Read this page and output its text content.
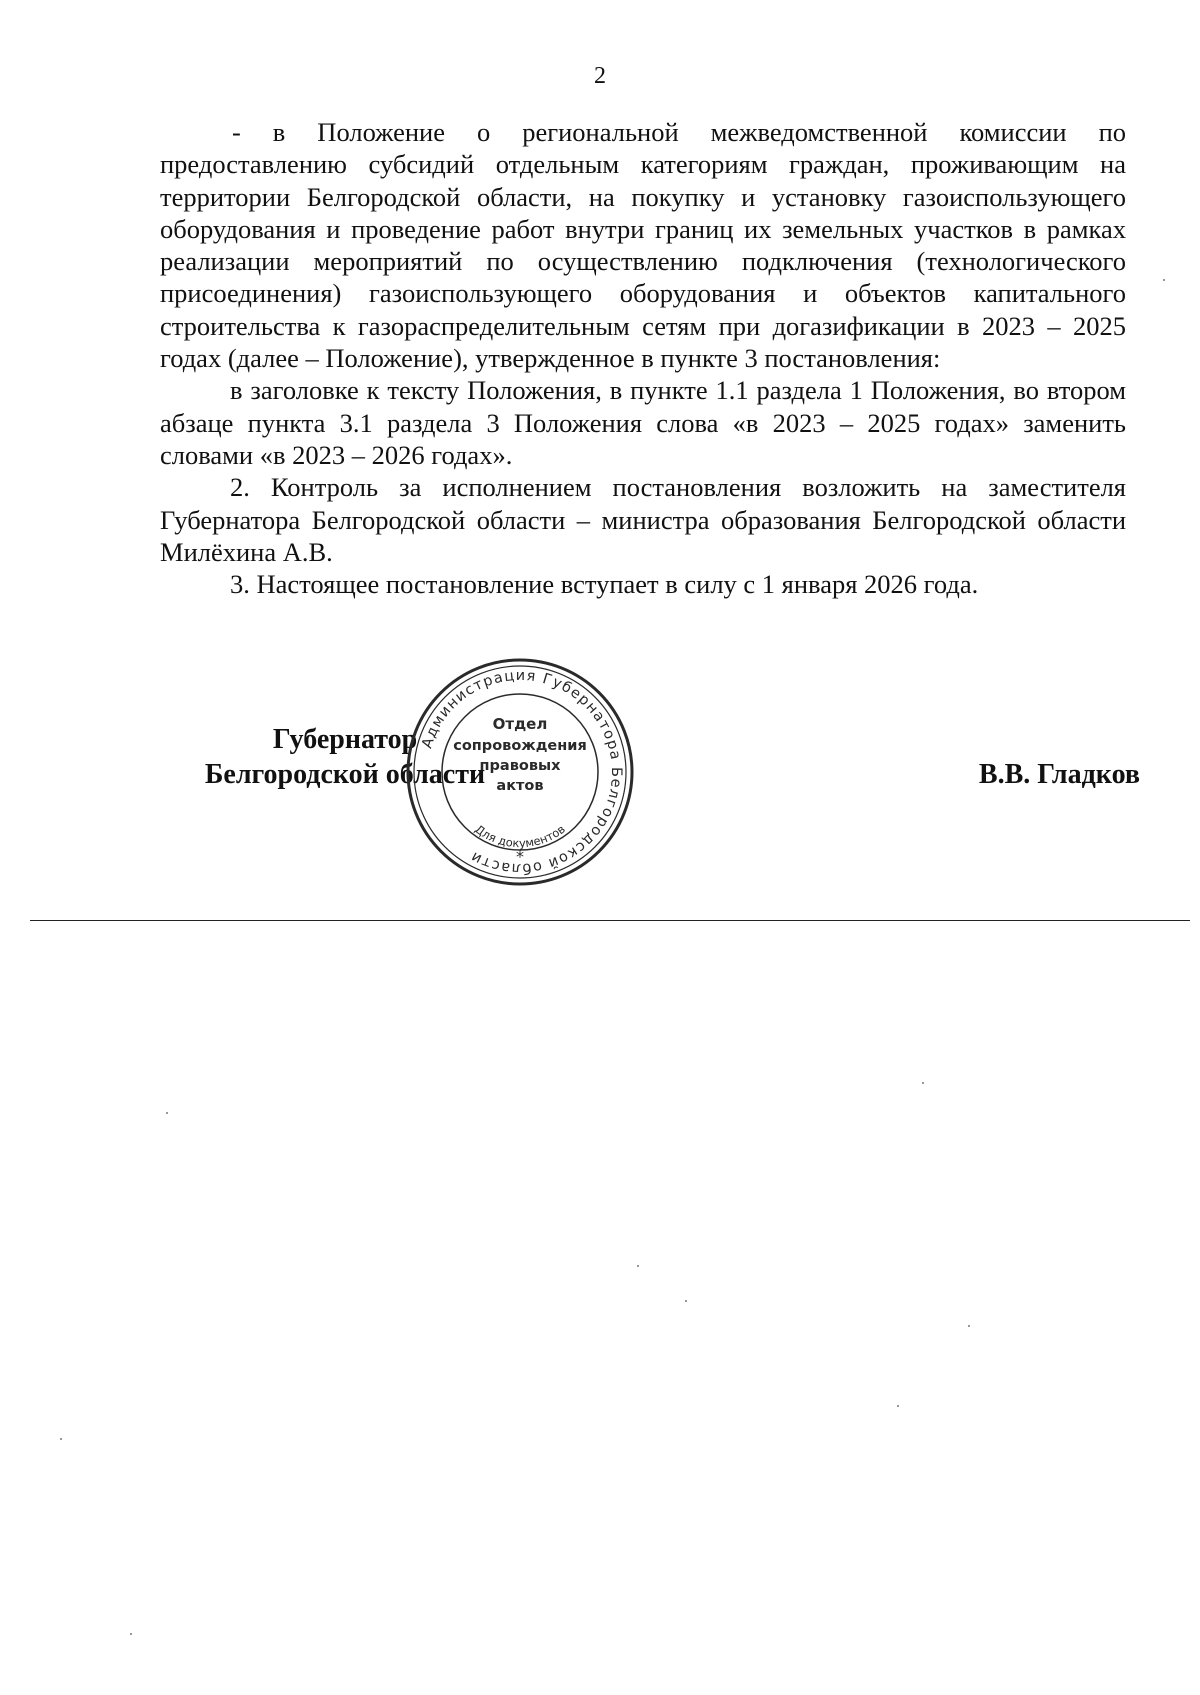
2

- в Положение о региональной межведомственной комиссии по предоставлению субсидий отдельным категориям граждан, проживающим на территории Белгородской области, на покупку и установку газоиспользующего оборудования и проведение работ внутри границ их земельных участков в рамках реализации мероприятий по осуществлению подключения (технологического присоединения) газоиспользующего оборудования и объектов капитального строительства к газораспределительным сетям при догазификации в 2023 – 2025 годах (далее – Положение), утвержденное в пункте 3 постановления:

в заголовке к тексту Положения, в пункте 1.1 раздела 1 Положения, во втором абзаце пункта 3.1 раздела 3 Положения слова «в 2023 – 2025 годах» заменить словами «в 2023 – 2026 годах».

2. Контроль за исполнением постановления возложить на заместителя Губернатора Белгородской области – министра образования Белгородской области Милёхина А.В.

3. Настоящее постановление вступает в силу с 1 января 2026 года.

Губернатор
Белгородской области
Администрация Губернатора Белгородской области
Отдел
сопровождения
правовых
актов
Для документов
*
В.В. Гладков
